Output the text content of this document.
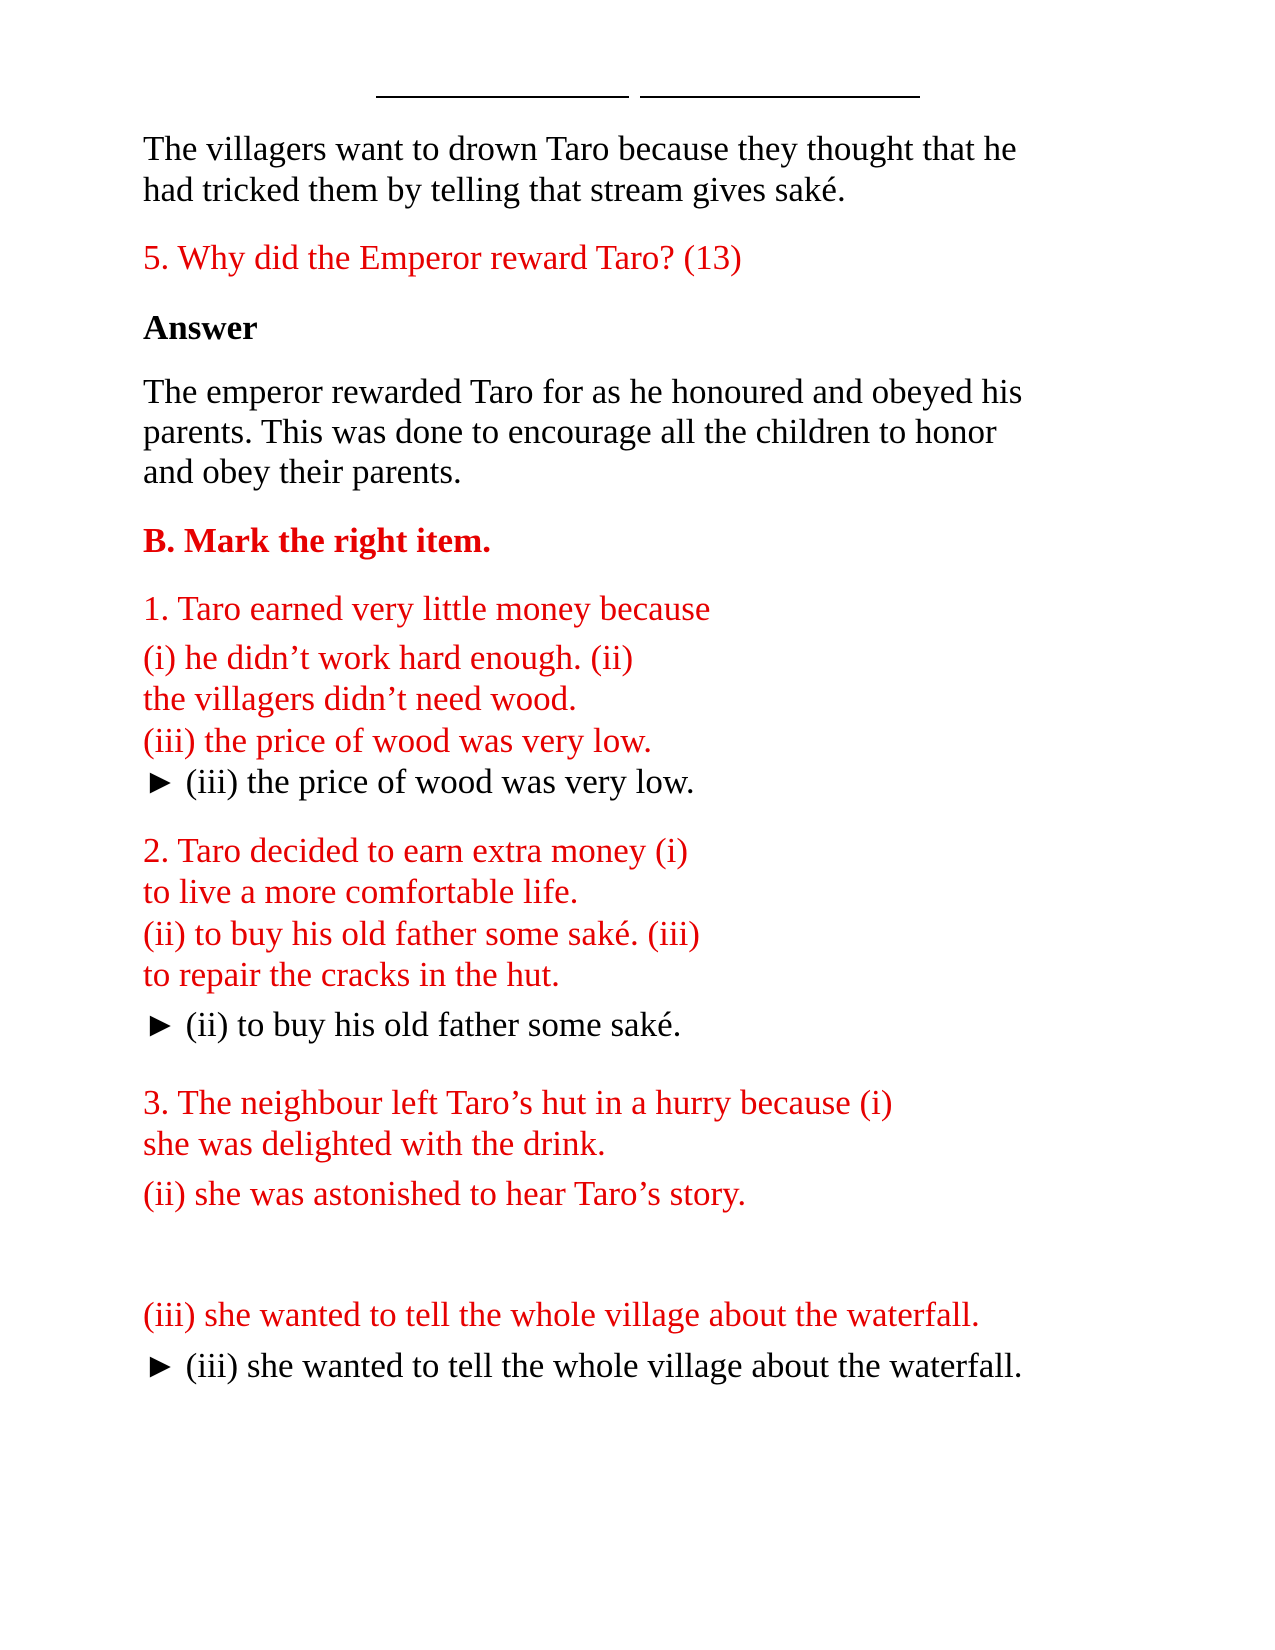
The villagers want to drown Taro because they thought that he
had tricked them by telling that stream gives saké.
5. Why did the Emperor reward Taro? (13)
Answer
The emperor rewarded Taro for as he honoured and obeyed his
parents. This was done to encourage all the children to honor
and obey their parents.
B. Mark the right item.
1. Taro earned very little money because
(i) he didn’t work hard enough. (ii)
the villagers didn’t need wood.
(iii) the price of wood was very low.
► (iii) the price of wood was very low.
2. Taro decided to earn extra money (i)
to live a more comfortable life.
(ii) to buy his old father some saké. (iii)
to repair the cracks in the hut.
► (ii) to buy his old father some saké.
3. The neighbour left Taro’s hut in a hurry because (i)
she was delighted with the drink.
(ii) she was astonished to hear Taro’s story.
(iii) she wanted to tell the whole village about the waterfall.
► (iii) she wanted to tell the whole village about the waterfall.
